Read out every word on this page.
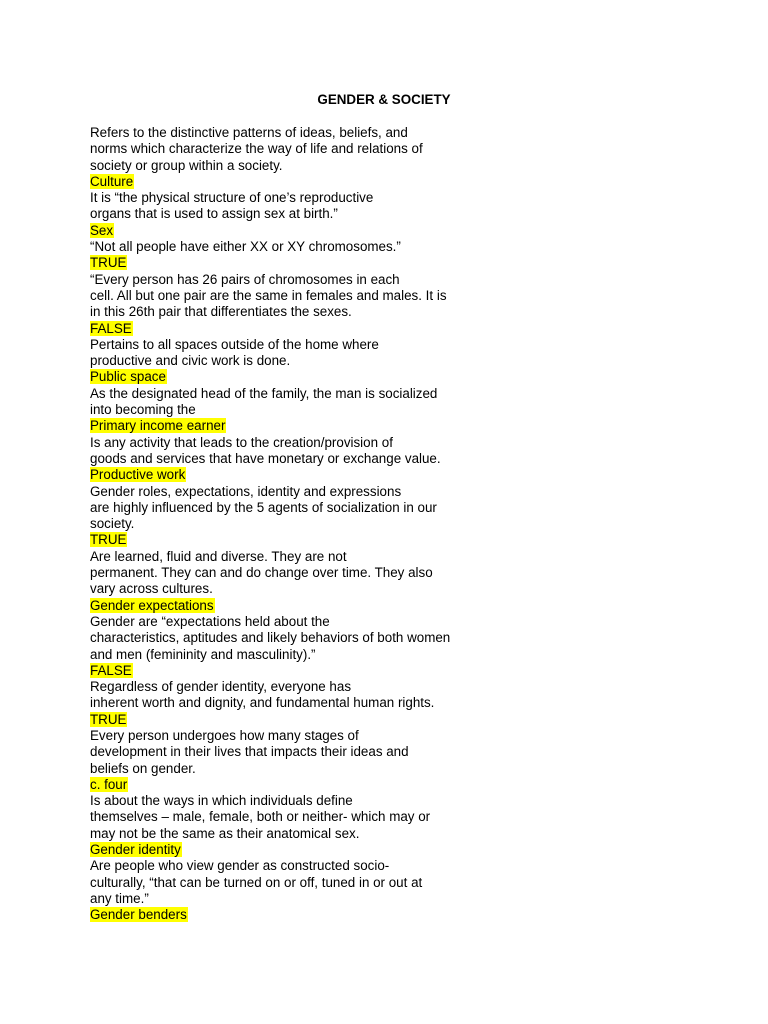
GENDER & SOCIETY

Refers to the distinctive patterns of ideas, beliefs, and
norms which characterize the way of life and relations of
society or group within a society.

Culture

It is “the physical structure of one’s reproductive
organs that is used to assign sex at birth.”

Sex

“Not all people have either XX or XY chromosomes.”

TRUE

“Every person has 26 pairs of chromosomes in each
cell. All but one pair are the same in females and males. It is
in this 26th pair that differentiates the sexes.

FALSE

Pertains to all spaces outside of the home where
productive and civic work is done.

Public space

As the designated head of the family, the man is socialized
into becoming the

Primary income earner

Is any activity that leads to the creation/provision of
goods and services that have monetary or exchange value.

Productive work

Gender roles, expectations, identity and expressions
are highly influenced by the 5 agents of socialization in our
society.

TRUE

Are learned, fluid and diverse. They are not
permanent. They can and do change over time. They also
vary across cultures.

Gender expectations

Gender are “expectations held about the
characteristics, aptitudes and likely behaviors of both women
and men (femininity and masculinity).”

FALSE

Regardless of gender identity, everyone has
inherent worth and dignity, and fundamental human rights.

TRUE

Every person undergoes how many stages of
development in their lives that impacts their ideas and
beliefs on gender.

c. four

Is about the ways in which individuals define
themselves – male, female, both or neither- which may or
may not be the same as their anatomical sex.

Gender identity

Are people who view gender as constructed socio-
culturally, “that can be turned on or off, tuned in or out at
any time.”

Gender benders
